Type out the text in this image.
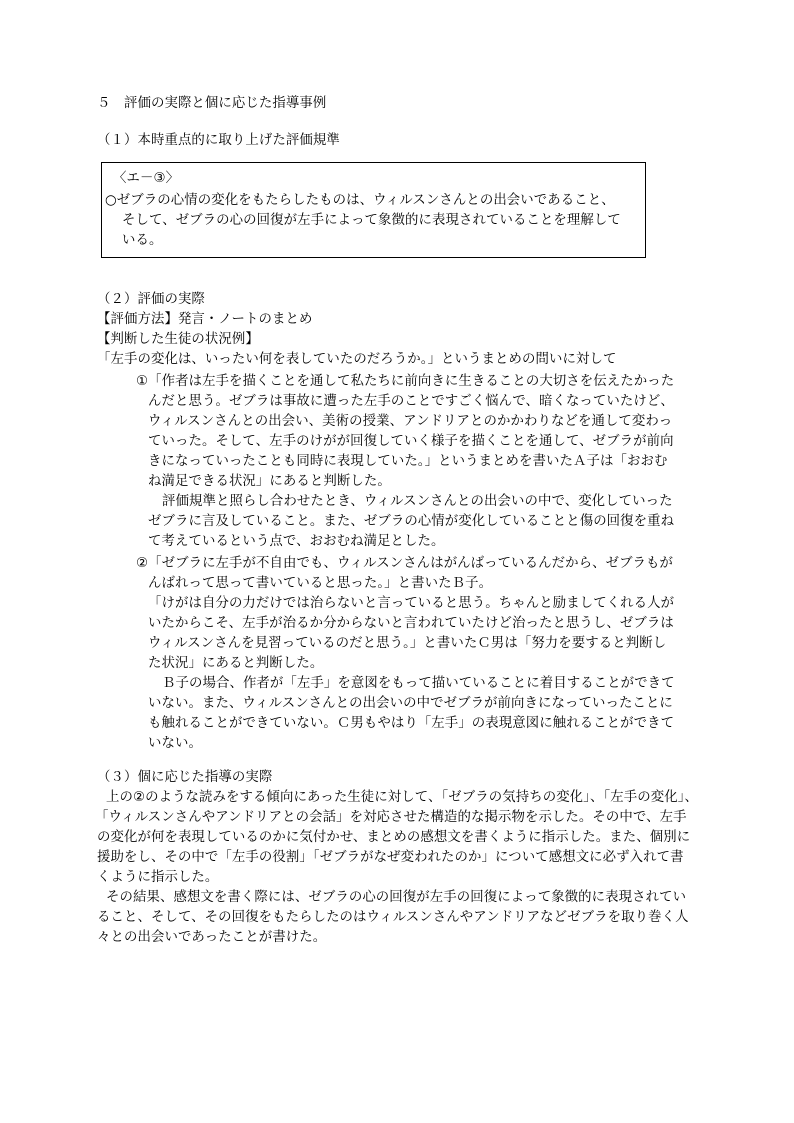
５　評価の実際と個に応じた指導事例
（１）本時重点的に取り上げた評価規準
〈エ－③〉
○ゼブラの心情の変化をもたらしたものは、ウィルスンさんとの出会いであること、
そして、ゼブラの心の回復が左手によって象徴的に表現されていることを理解して
いる。
（２）評価の実際
【評価方法】発言・ノートのまとめ
【判断した生徒の状況例】
「左手の変化は、いったい何を表していたのだろうか。」というまとめの問いに対して
①「作者は左手を描くことを通して私たちに前向きに生きることの大切さを伝えたかった
んだと思う。ゼブラは事故に遭った左手のことですごく悩んで、暗くなっていたけど、
ウィルスンさんとの出会い、美術の授業、アンドリアとのかかわりなどを通して変わっ
ていった。そして、左手のけがが回復していく様子を描くことを通して、ゼブラが前向
きになっていったことも同時に表現していた。」というまとめを書いたＡ子は「おおむ
ね満足できる状況」にあると判断した。
評価規準と照らし合わせたとき、ウィルスンさんとの出会いの中で、変化していった
ゼブラに言及していること。また、ゼブラの心情が変化していることと傷の回復を重ね
て考えているという点で、おおむね満足とした。
②「ゼブラに左手が不自由でも、ウィルスンさんはがんばっているんだから、ゼブラもが
んばれって思って書いていると思った。」と書いたＢ子。
「けがは自分の力だけでは治らないと言っていると思う。ちゃんと励ましてくれる人が
いたからこそ、左手が治るか分からないと言われていたけど治ったと思うし、ゼブラは
ウィルスンさんを見習っているのだと思う。」と書いたＣ男は「努力を要すると判断し
た状況」にあると判断した。
Ｂ子の場合、作者が「左手」を意図をもって描いていることに着目することができて
いない。また、ウィルスンさんとの出会いの中でゼブラが前向きになっていったことに
も触れることができていない。Ｃ男もやはり「左手」の表現意図に触れることができて
いない。
（３）個に応じた指導の実際
上の②のような読みをする傾向にあった生徒に対して、「ゼブラの気持ちの変化」、「左手の変化」、
「ウィルスンさんやアンドリアとの会話」を対応させた構造的な掲示物を示した。その中で、左手
の変化が何を表現しているのかに気付かせ、まとめの感想文を書くように指示した。また、個別に
援助をし、その中で「左手の役割」「ゼブラがなぜ変われたのか」について感想文に必ず入れて書
くように指示した。
その結果、感想文を書く際には、ゼブラの心の回復が左手の回復によって象徴的に表現されてい
ること、そして、その回復をもたらしたのはウィルスンさんやアンドリアなどゼブラを取り巻く人
々との出会いであったことが書けた。
